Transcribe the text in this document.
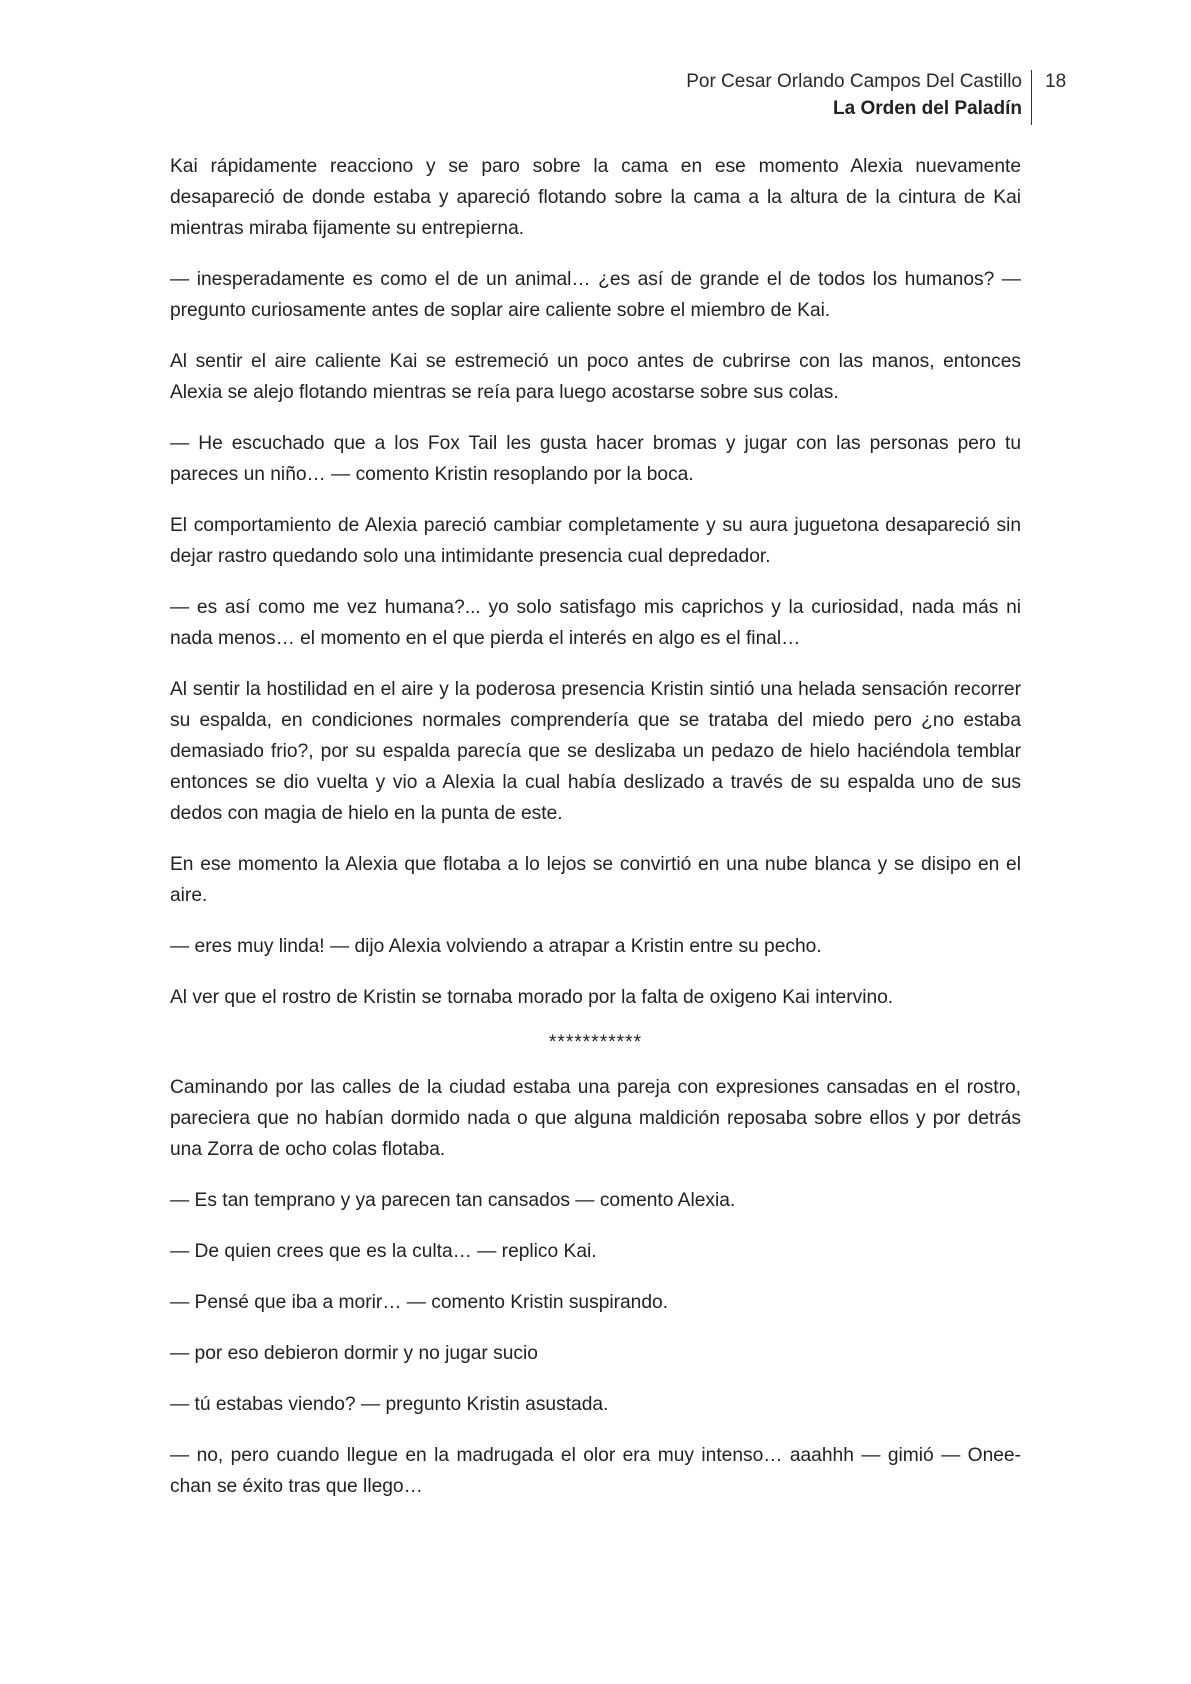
Por Cesar Orlando Campos Del Castillo
La Orden del Paladín
18

Kai rápidamente reacciono y se paro sobre la cama en ese momento Alexia nuevamente desapareció de donde estaba y apareció flotando sobre la cama a la altura de la cintura de Kai mientras miraba fijamente su entrepierna.

— inesperadamente es como el de un animal… ¿es así de grande el de todos los humanos? — pregunto curiosamente antes de soplar aire caliente sobre el miembro de Kai.

Al sentir el aire caliente Kai se estremeció un poco antes de cubrirse con las manos, entonces Alexia se alejo flotando mientras se reía para luego acostarse sobre sus colas.

— He escuchado que a los Fox Tail les gusta hacer bromas y jugar con las personas pero tu pareces un niño… — comento Kristin resoplando por la boca.

El comportamiento de Alexia pareció cambiar completamente y su aura juguetona desapareció sin dejar rastro quedando solo una intimidante presencia cual depredador.

— es así como me vez humana?... yo solo satisfago mis caprichos y la curiosidad, nada más ni nada menos… el momento en el que pierda el interés en algo es el final…

Al sentir la hostilidad en el aire y la poderosa presencia Kristin sintió una helada sensación recorrer su espalda, en condiciones normales comprendería que se trataba del miedo pero ¿no estaba demasiado frio?, por su espalda parecía que se deslizaba un pedazo de hielo haciéndola temblar entonces se dio vuelta y vio a Alexia la cual había deslizado a través de su espalda uno de sus dedos con magia de hielo en la punta de este.

En ese momento la Alexia que flotaba a lo lejos se convirtió en una nube blanca y se disipo en el aire.

— eres muy linda! — dijo Alexia volviendo a atrapar a Kristin entre su pecho.

Al ver que el rostro de Kristin se tornaba morado por la falta de oxigeno Kai intervino.

***********

Caminando por las calles de la ciudad estaba una pareja con expresiones cansadas en el rostro, pareciera que no habían dormido nada o que alguna maldición reposaba sobre ellos y por detrás una Zorra de ocho colas flotaba.

— Es tan temprano y ya parecen tan cansados — comento Alexia.

— De quien crees que es la culta… — replico Kai.

— Pensé que iba a morir… — comento Kristin suspirando.

— por eso debieron dormir y no jugar sucio

— tú estabas viendo? — pregunto Kristin asustada.

— no, pero cuando llegue en la madrugada el olor era muy intenso… aaahhh — gimió — Onee-chan se éxito tras que llego…
